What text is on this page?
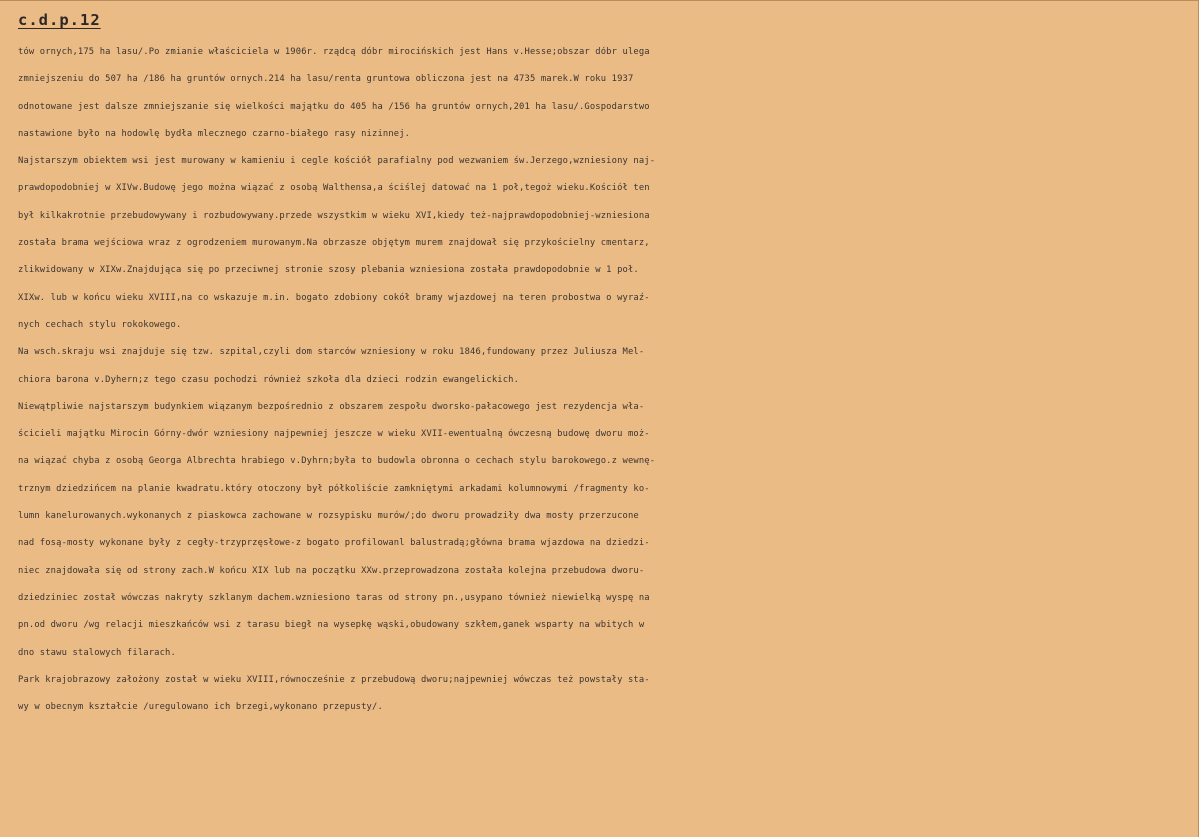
c.d.p.12
tów ornych,175 ha lasu/.Po zmianie właściciela w 1906r. rządcą dóbr mirocińskich jest Hans v.Hesse;obszar dóbr ulega
zmniejszeniu do 507 ha /186 ha gruntów ornych.214 ha lasu/renta gruntowa obliczona jest na 4735 marek.W roku 1937
odnotowane jest dalsze zmniejszanie się wielkości majątku do 405 ha /156 ha gruntów ornych,201 ha lasu/.Gospodarstwo
nastawione było na hodowlę bydła mlecznego czarno-białego rasy nizinnej.
Najstarszym obiektem wsi jest murowany w kamieniu i cegle kościół parafialny pod wezwaniem św.Jerzego,wzniesiony naj-
prawdopodobniej w XIVw.Budowę jego można wiązać z osobą Walthensa,a ściślej datować na 1 poł,tegoż wieku.Kościół ten
był kilkakrotnie przebudowywany i rozbudowywany.przede wszystkim w wieku XVI,kiedy też-najprawdopodobniej-wzniesiona
została brama wejściowa wraz z ogrodzeniem murowanym.Na obrzasze objętym murem znajdował się przykościelny cmentarz,
zlikwidowany w XIXw.Znajdująca się po przeciwnej stronie szosy plebania wzniesiona została prawdopodobnie w 1 poł.
XIXw. lub w końcu wieku XVIII,na co wskazuje m.in. bogato zdobiony cokół bramy wjazdowej na teren probostwa o wyraź-
nych cechach stylu rokokowego.
Na wsch.skraju wsi znajduje się tzw. szpital,czyli dom starców wzniesiony w roku 1846,fundowany przez Juliusza Mel-
chiora barona v.Dyhern;z tego czasu pochodzi również szkoła dla dzieci rodzin ewangelickich.
Niewątpliwie najstarszym budynkiem wiązanym bezpośrednio z obszarem zespołu dworsko-pałacowego jest rezydencja wła-
ścicieli majątku Mirocin Górny-dwór wzniesiony najpewniej jeszcze w wieku XVII-ewentualną ówczesną budowę dworu moż-
na wiązać chyba z osobą Georga Albrechta hrabiego v.Dyhrn;była to budowla obronna o cechach stylu barokowego.z wewnę-
trznym dziedzińcem na planie kwadratu.który otoczony był półkoliście zamkniętymi arkadami kolumnowymi /fragmenty ko-
lumn kanelurowanych.wykonanych z piaskowca zachowane w rozsypisku murów/;do dworu prowadziły dwa mosty przerzucone
nad fosą-mosty wykonane były z cegły-trzyprzęsłowe-z bogato profilowanl balustradą;główna brama wjazdowa na dziedzi-
niec znajdowała się od strony zach.W końcu XIX lub na początku XXw.przeprowadzona została kolejna przebudowa dworu-
dziedziniec został wówczas nakryty szklanym dachem.wzniesiono taras od strony pn.,usypano tównież niewielką wyspę na
pn.od dworu /wg relacji mieszkańców wsi z tarasu biegł na wysepkę wąski,obudowany szkłem,ganek wsparty na wbitych w
dno stawu stalowych filarach.
Park krajobrazowy założony został w wieku XVIII,równocześnie z przebudową dworu;najpewniej wówczas też powstały sta-
wy w obecnym kształcie /uregulowano ich brzegi,wykonano przepusty/.
